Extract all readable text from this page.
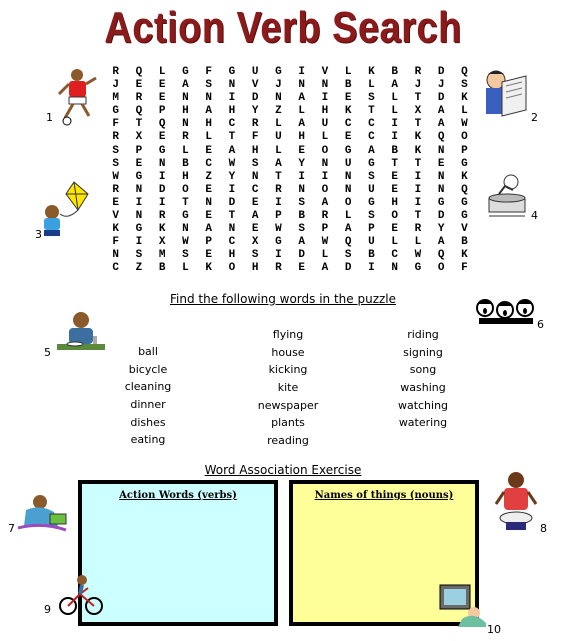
Action Verb Search
R Q L G F G U G I V L K B R D Q
J E E A S N V J N N B L A J J S
M R E N N I D N A I E S L T D K
G Q P H A H Y Z L H K T L X A L
F T Q N H C R L A U C C I T A W
R X E R L T F U H L E C I K Q O
S P G L E A H L E O G A B K N P
S E N B C W S A Y N U G T T E G
W G I H Z Y N T I I N S E I N K
R N D O E I C R N O N U E I N Q
E I I T N D E I S A O G H I G G
V N R G E T A P B R L S O T D G
K G K N A N E W S P A P E R Y V
F I X W P C X G A W Q U L L A B
N S M S E H S I D L S B C W Q K
C Z B L K O H R E A D I N G O F
Find the following words in the puzzle
ball
bicycle
cleaning
dinner
dishes
eating
flying
house
kicking
kite
newspaper
plants
reading
riding
signing
song
washing
watching
watering
Word Association Exercise
Action Words (verbs)	Names of things (nouns)
1	2
3
4
5
6
7	8
9
10
